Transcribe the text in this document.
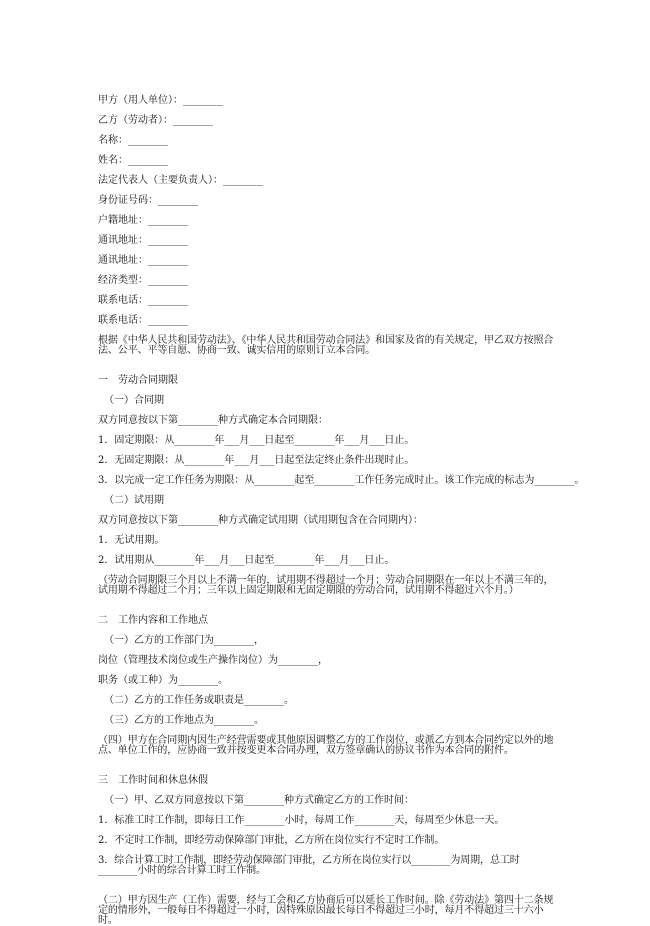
甲方（用人单位）：________
乙方（劳动者）：________
名称：________
姓名：________
法定代表人（主要负责人）：________
身份证号码：________
户籍地址：________
通讯地址：________
通讯地址：________
经济类型：________
联系电话：________
联系电话：________
根据《中华人民共和国劳动法》、《中华人民共和国劳动合同法》和国家及省的有关规定，甲乙双方按照合法、公平、平等自愿、协商一致、诚实信用的原则订立本合同。
一　劳动合同期限
（一）合同期
双方同意按以下第________种方式确定本合同期限：
1．固定期限：从________年___月___日起至________年___月___日止。
2．无固定期限：从________年___月___日起至法定终止条件出现时止。
3．以完成一定工作任务为期限：从________起至________工作任务完成时止。该工作完成的标志为________。
（二）试用期
双方同意按以下第________种方式确定试用期（试用期包含在合同期内）：
1．无试用期。
2．试用期从________年___月___日起至________年___月___日止。
（劳动合同期限三个月以上不满一年的，试用期不得超过一个月；劳动合同期限在一年以上不满三年的，试用期不得超过二个月；三年以上固定期限和无固定期限的劳动合同，试用期不得超过六个月。）
二　工作内容和工作地点
（一）乙方的工作部门为________，
岗位（管理技术岗位或生产操作岗位）为________，
职务（或工种）为________。
（二）乙方的工作任务或职责是________。
（三）乙方的工作地点为________。
（四）甲方在合同期内因生产经营需要或其他原因调整乙方的工作岗位，或派乙方到本合同约定以外的地点、单位工作的，应协商一致并按变更本合同办理，双方签章确认的协议书作为本合同的附件。
三　工作时间和休息休假
（一）甲、乙双方同意按以下第________种方式确定乙方的工作时间：
1．标准工时工作制，即每日工作________小时，每周工作________天，每周至少休息一天。
2．不定时工作制，即经劳动保障部门审批，乙方所在岗位实行不定时工作制。
3．综合计算工时工作制，即经劳动保障部门审批，乙方所在岗位实行以________为周期，总工时________小时的综合计算工时工作制。
（二）甲方因生产（工作）需要，经与工会和乙方协商后可以延长工作时间。除《劳动法》第四十二条规定的情形外，一般每日不得超过一小时，因特殊原因最长每日不得超过三小时，每月不得超过三十六小时。
